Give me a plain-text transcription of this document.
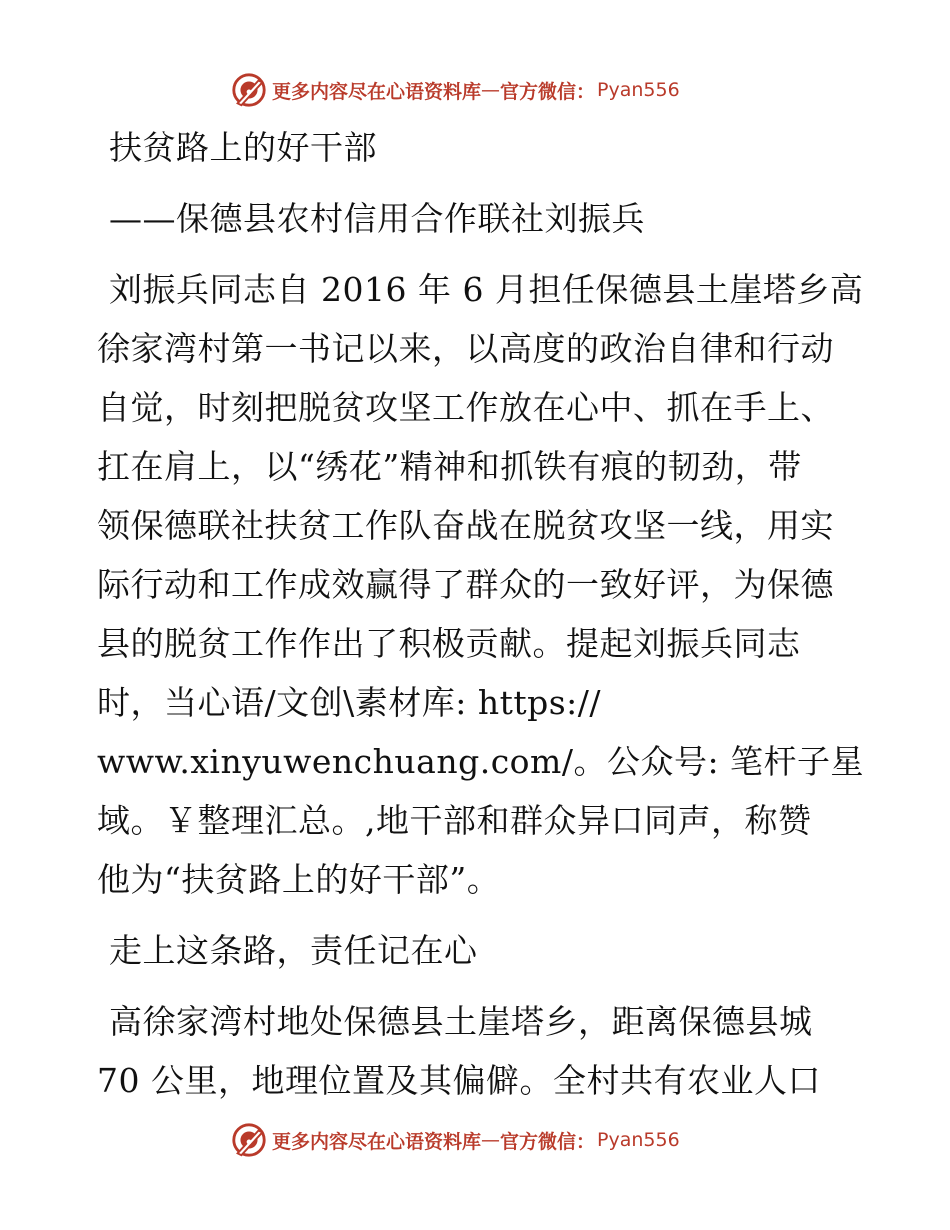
更多内容尽在心语资料库 — 官方微信： Pyan556
扶贫路上的好干部
——保德县农村信用合作联社刘振兵
刘振兵同志自 2016 年 6 月担任保德县土崖塔乡高
徐家湾村第一书记以来，以高度的政治自律和行动
自觉，时刻把脱贫攻坚工作放在心中、抓在手上、
扛在肩上，以“绣花”精神和抓铁有痕的韧劲，带
领保德联社扶贫工作队奋战在脱贫攻坚一线，用实
际行动和工作成效赢得了群众的一致好评，为保德
县的脱贫工作作出了积极贡献。提起刘振兵同志
时，当心语/文创\素材库: https://
www.xinyuwenchuang.com/。公众号: 笔杆子星
域。￥整理汇总。,地干部和群众异口同声，称赞
他为“扶贫路上的好干部”。
走上这条路，责任记在心
高徐家湾村地处保德县土崖塔乡，距离保德县城
70 公里，地理位置及其偏僻。全村共有农业人口
更多内容尽在心语资料库 — 官方微信： Pyan556
